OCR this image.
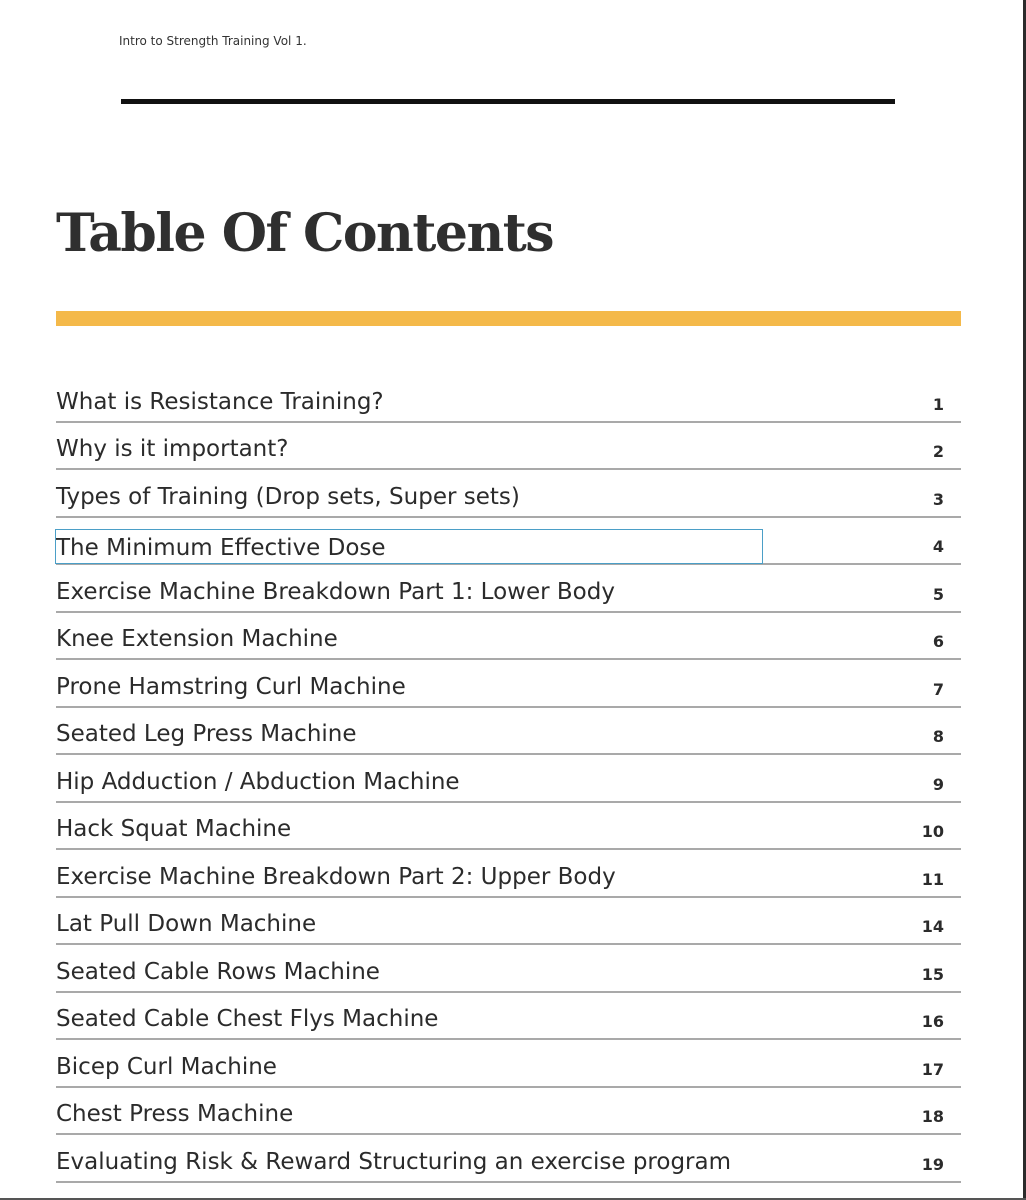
Intro to Strength Training Vol 1.
Table Of Contents
What is Resistance Training?	1
Why is it important?	2
Types of Training (Drop sets, Super sets)	3
The Minimum Effective Dose	4
Exercise Machine Breakdown Part 1: Lower Body	5
Knee Extension Machine	6
Prone Hamstring Curl Machine	7
Seated Leg Press Machine	8
Hip Adduction / Abduction Machine	9
Hack Squat Machine	10
Exercise Machine Breakdown Part 2: Upper Body	11
Lat Pull Down Machine	14
Seated Cable Rows Machine	15
Seated Cable Chest Flys Machine	16
Bicep Curl Machine	17
Chest Press Machine	18
Evaluating Risk & Reward Structuring an exercise program	19
